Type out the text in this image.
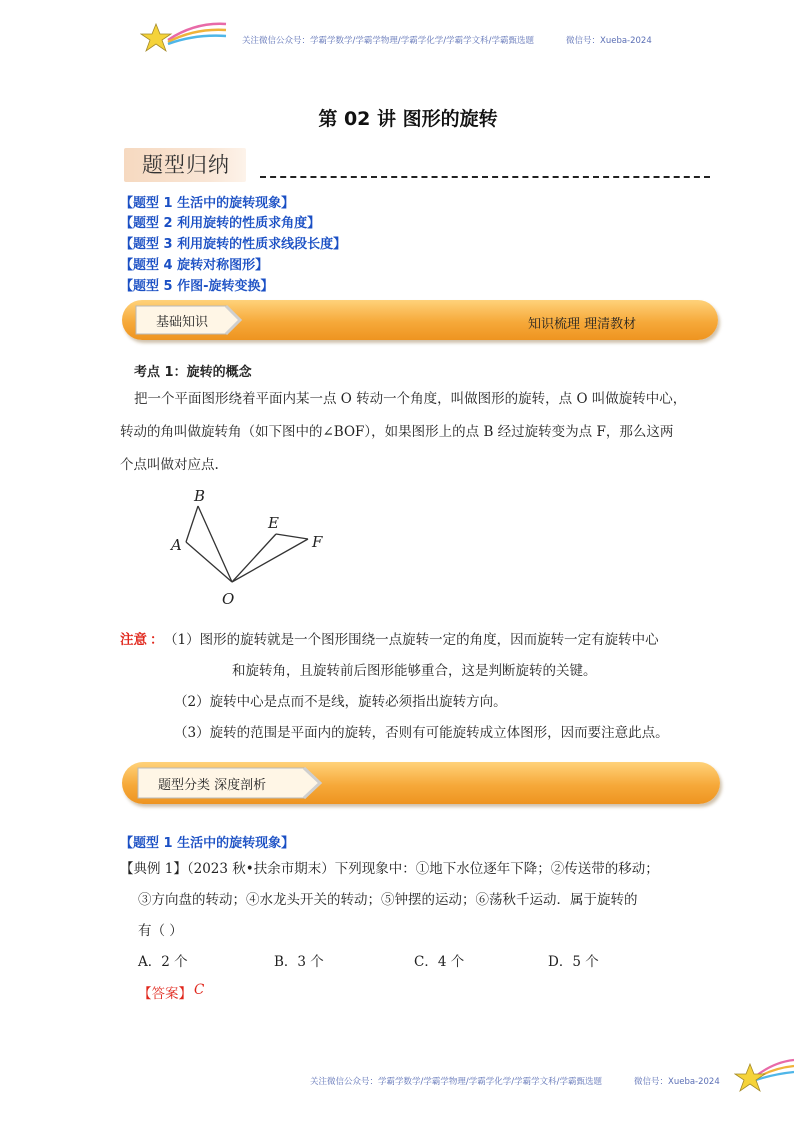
关注微信公众号：学霸学数学/学霸学物理/学霸学化学/学霸学文科/学霸甄选题	微信号：Xueba-2024
第 02 讲 图形的旋转
题型归纳
【题型 1 生活中的旋转现象】
【题型 2 利用旋转的性质求角度】
【题型 3 利用旋转的性质求线段长度】
【题型 4 旋转对称图形】
【题型 5 作图-旋转变换】
基础知识	知识梳理 理清教材
考点 1：旋转的概念
把一个平面图形绕着平面内某一点 O 转动一个角度，叫做图形的旋转，点 O 叫做旋转中心，
转动的角叫做旋转角（如下图中的∠BOF），如果图形上的点 B 经过旋转变为点 F，那么这两
个点叫做对应点.
B
A
E
F
O
注意 ： （1）图形的旋转就是一个图形围绕一点旋转一定的角度，因而旋转一定有旋转中心
和旋转角，且旋转前后图形能够重合，这是判断旋转的关键。
（2）旋转中心是点而不是线，旋转必须指出旋转方向。
（3）旋转的范围是平面内的旋转，否则有可能旋转成立体图形，因而要注意此点。
题型分类 深度剖析
【题型 1 生活中的旋转现象】
【典例 1】（2023 秋•扶余市期末）下列现象中：①地下水位逐年下降；②传送带的移动；
③方向盘的转动；④水龙头开关的转动；⑤钟摆的运动；⑥荡秋千运动．属于旋转的
有（ ）
A．2 个	B．3 个	C．4 个	D．5 个
【答案】 C
关注微信公众号：学霸学数学/学霸学物理/学霸学化学/学霸学文科/学霸甄选题	微信号：Xueba-2024
